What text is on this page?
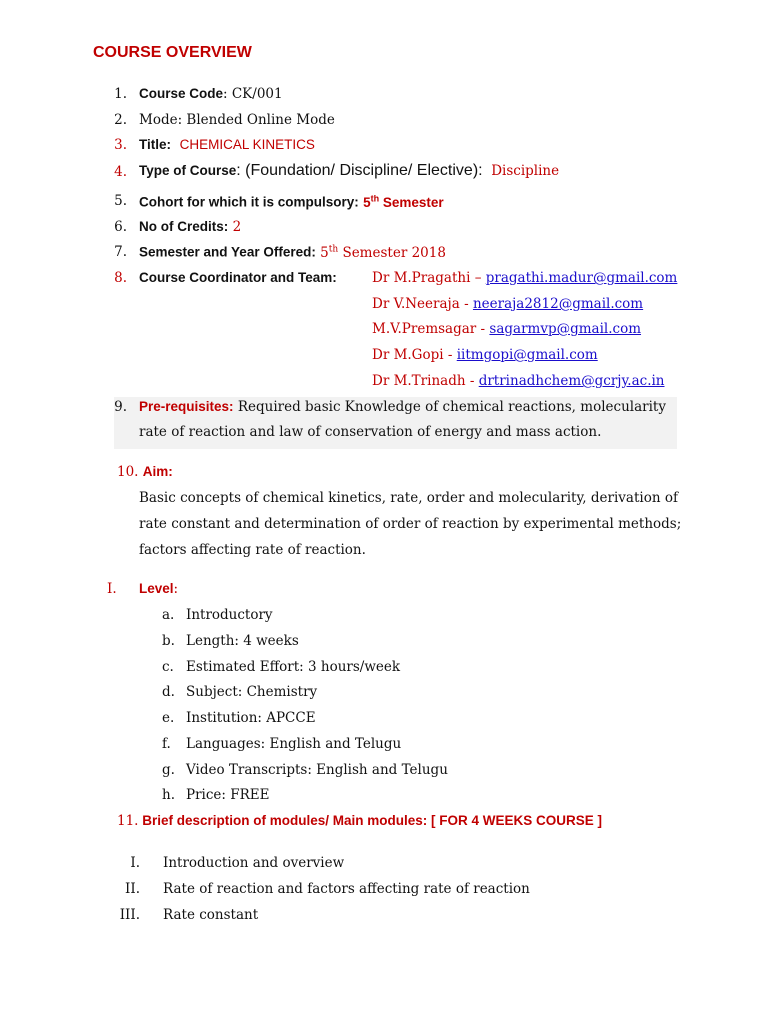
COURSE OVERVIEW
1. Course Code: CK/001
2. Mode: Blended Online Mode
3. Title: CHEMICAL KINETICS
4. Type of Course: (Foundation/ Discipline/ Elective): Discipline
5. Cohort for which it is compulsory: 5th Semester
6. No of Credits: 2
7. Semester and Year Offered: 5th Semester 2018
8. Course Coordinator and Team:	Dr M.Pragathi – pragathi.madur@gmail.com
Dr V.Neeraja - neeraja2812@gmail.com
M.V.Premsagar - sagarmvp@gmail.com
Dr M.Gopi - iitmgopi@gmail.com
Dr M.Trinadh - drtrinadhchem@gcrjy.ac.in
9. Pre-requisites: Required basic Knowledge of chemical reactions, molecularity
rate of reaction and law of conservation of energy and mass action.
10. Aim:
Basic concepts of chemical kinetics, rate, order and molecularity, derivation of
rate constant and determination of order of reaction by experimental methods;
factors affecting rate of reaction.
I. Level:
a. Introductory
b. Length: 4 weeks
c. Estimated Effort: 3 hours/week
d. Subject: Chemistry
e. Institution: APCCE
f. Languages: English and Telugu
g. Video Transcripts: English and Telugu
h. Price: FREE
11. Brief description of modules/ Main modules: [ FOR 4 WEEKS COURSE ]
I. Introduction and overview
II. Rate of reaction and factors affecting rate of reaction
III. Rate constant
